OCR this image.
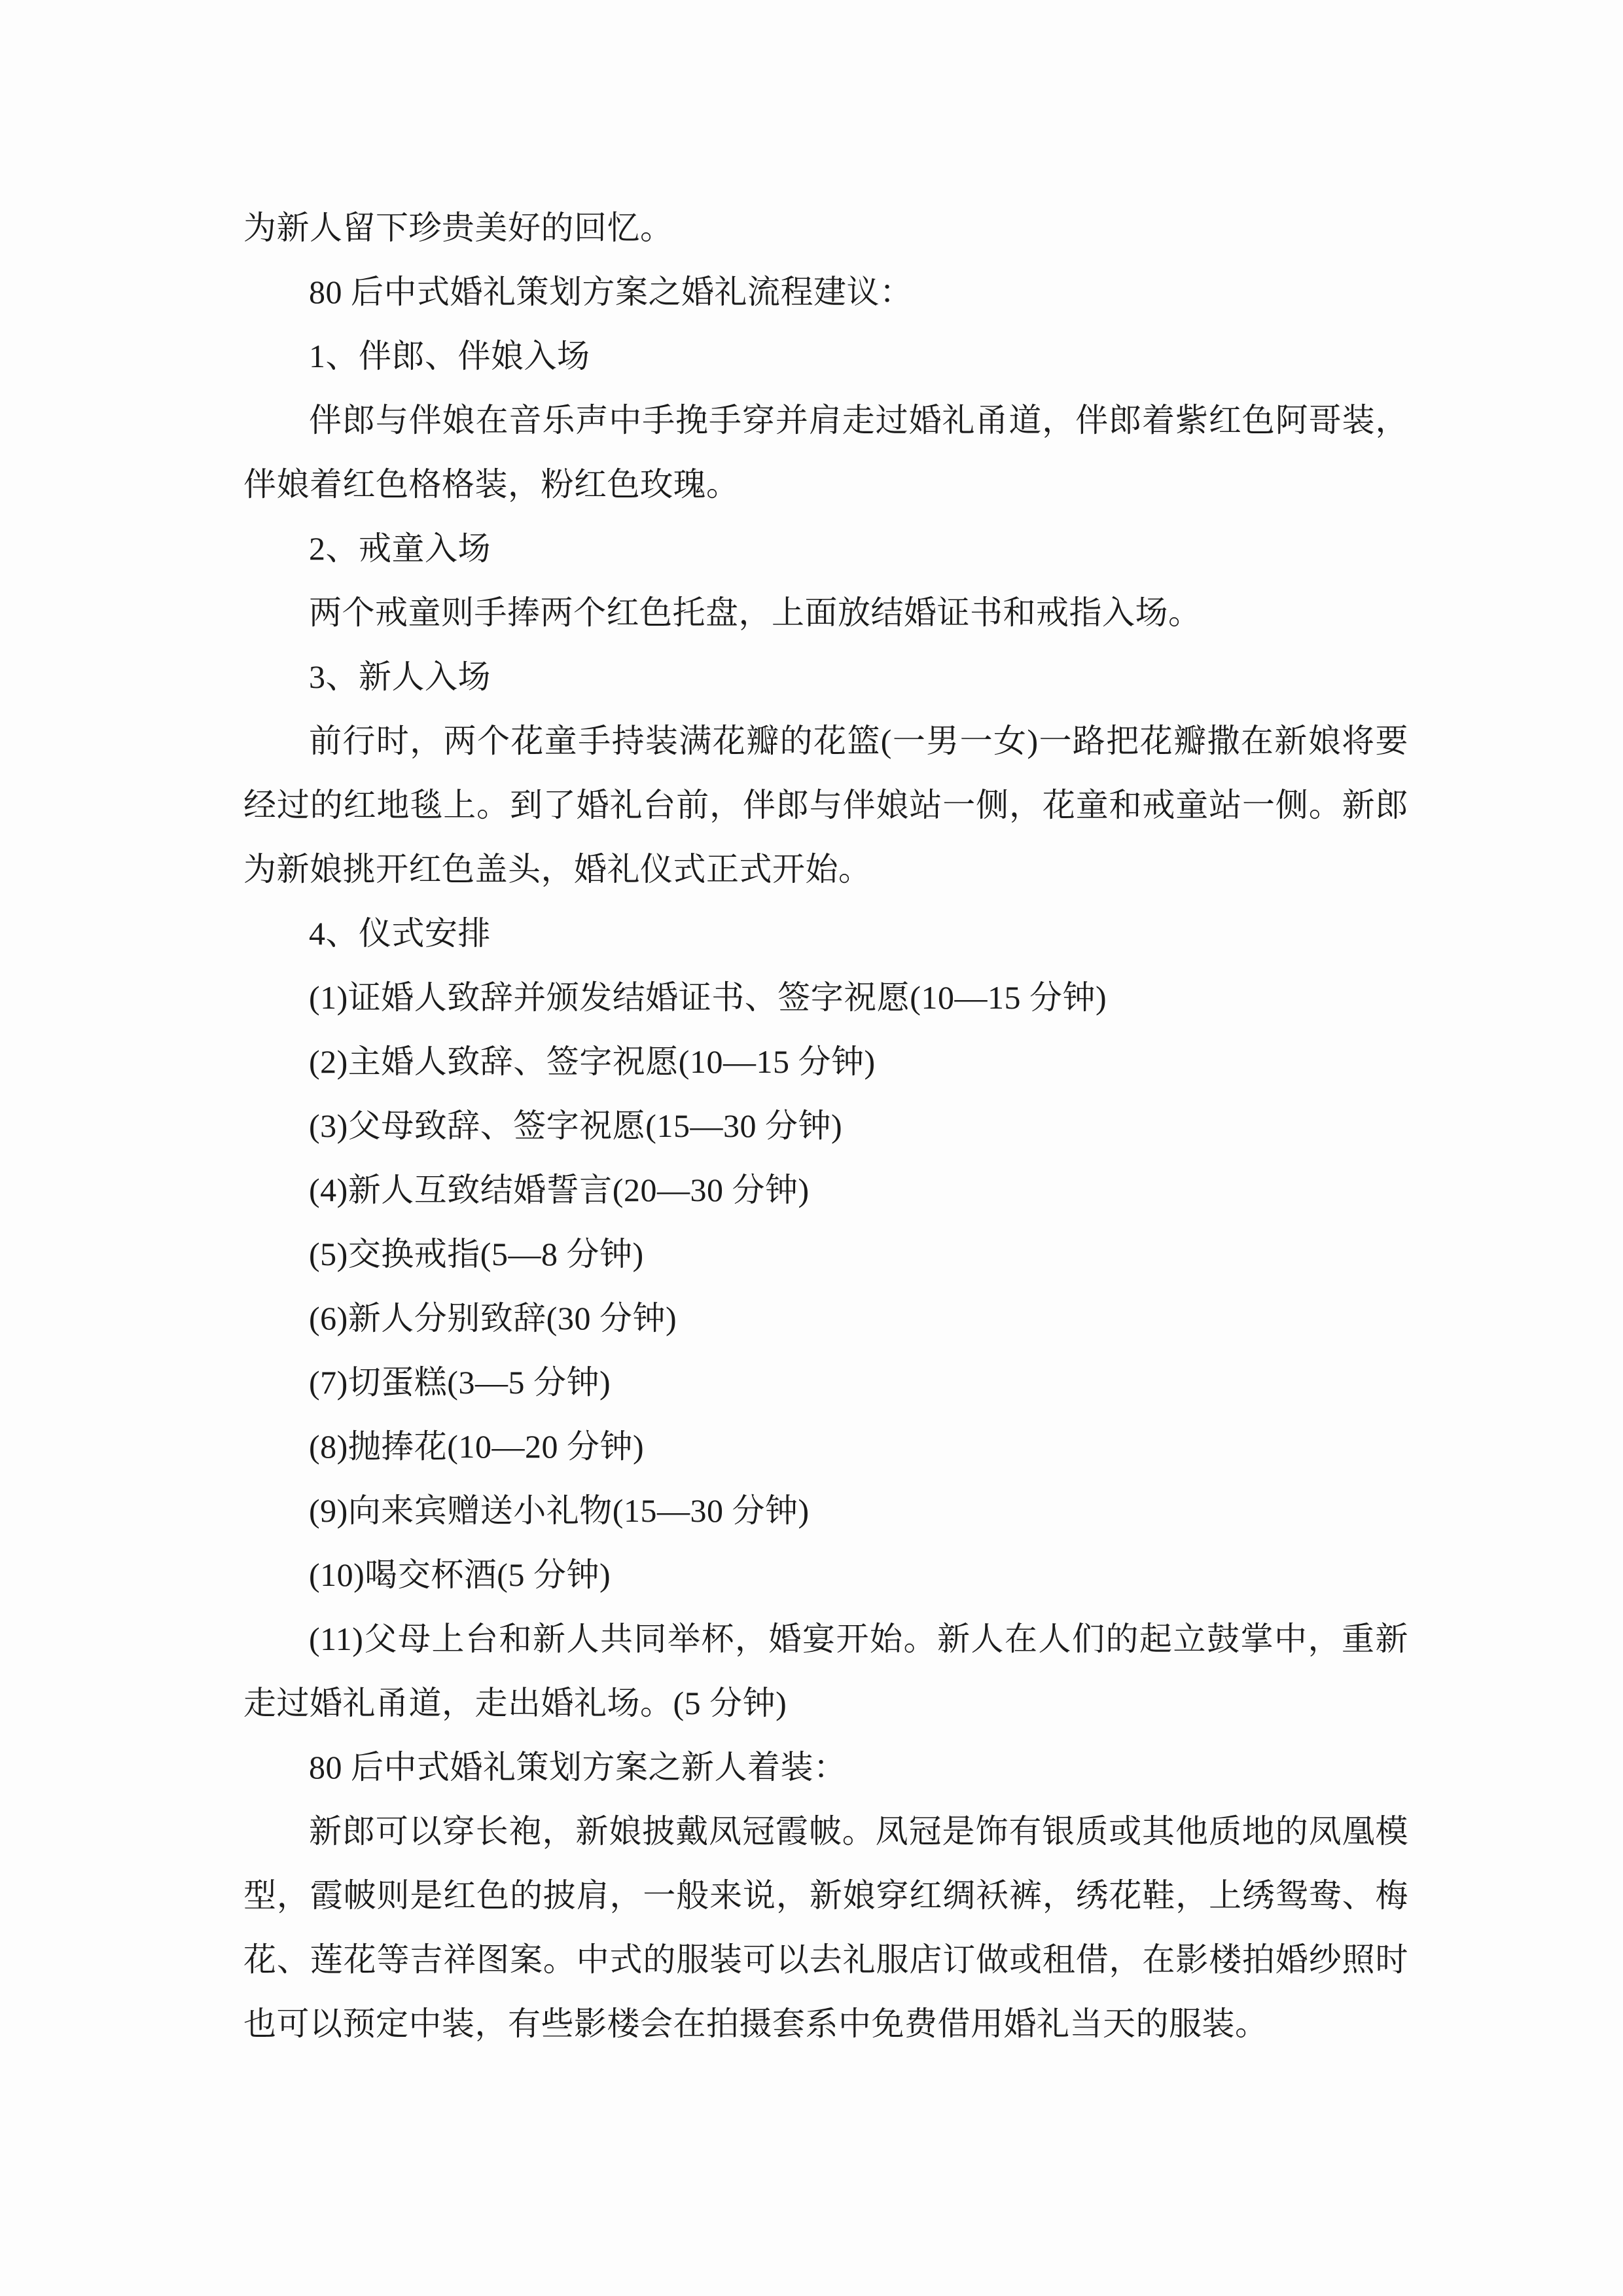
为新人留下珍贵美好的回忆。
80 后中式婚礼策划方案之婚礼流程建议：
1、伴郎、伴娘入场
伴郎与伴娘在音乐声中手挽手穿并肩走过婚礼甬道，伴郎着紫红色阿哥装，
伴娘着红色格格装，粉红色玫瑰。
2、戒童入场
两个戒童则手捧两个红色托盘，上面放结婚证书和戒指入场。
3、新人入场
前行时，两个花童手持装满花瓣的花篮(一男一女)一路把花瓣撒在新娘将要
经过的红地毯上。到了婚礼台前，伴郎与伴娘站一侧，花童和戒童站一侧。新郎
为新娘挑开红色盖头，婚礼仪式正式开始。
4、仪式安排
(1)证婚人致辞并颁发结婚证书、签字祝愿(10—15 分钟)
(2)主婚人致辞、签字祝愿(10—15 分钟)
(3)父母致辞、签字祝愿(15—30 分钟)
(4)新人互致结婚誓言(20—30 分钟)
(5)交换戒指(5—8 分钟)
(6)新人分别致辞(30 分钟)
(7)切蛋糕(3—5 分钟)
(8)抛捧花(10—20 分钟)
(9)向来宾赠送小礼物(15—30 分钟)
(10)喝交杯酒(5 分钟)
(11)父母上台和新人共同举杯，婚宴开始。新人在人们的起立鼓掌中，重新
走过婚礼甬道，走出婚礼场。(5 分钟)
80 后中式婚礼策划方案之新人着装：
新郎可以穿长袍，新娘披戴凤冠霞帔。凤冠是饰有银质或其他质地的凤凰模
型，霞帔则是红色的披肩，一般来说，新娘穿红绸袄裤，绣花鞋，上绣鸳鸯、梅
花、莲花等吉祥图案。中式的服装可以去礼服店订做或租借，在影楼拍婚纱照时
也可以预定中装，有些影楼会在拍摄套系中免费借用婚礼当天的服装。
